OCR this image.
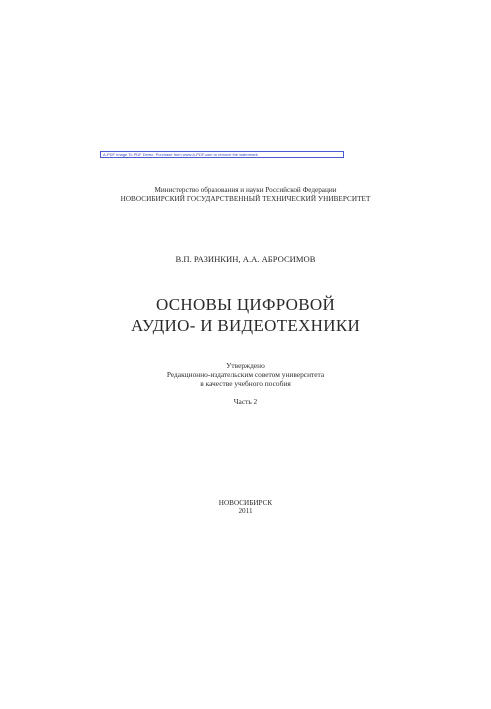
A-PDF Image To PDF Demo. Purchase from www.A-PDF.com to remove the watermark
Министерство образования и науки Российской Федерации
НОВОСИБИРСКИЙ ГОСУДАРСТВЕННЫЙ ТЕХНИЧЕСКИЙ УНИВЕРСИТЕТ
В.П. РАЗИНКИН, А.А. АБРОСИМОВ
ОСНОВЫ ЦИФРОВОЙ
АУДИО- И ВИДЕОТЕХНИКИ
Утверждено
Редакционно-издательским советом университета
в качестве учебного пособия
Часть 2
НОВОСИБИРСК
2011
